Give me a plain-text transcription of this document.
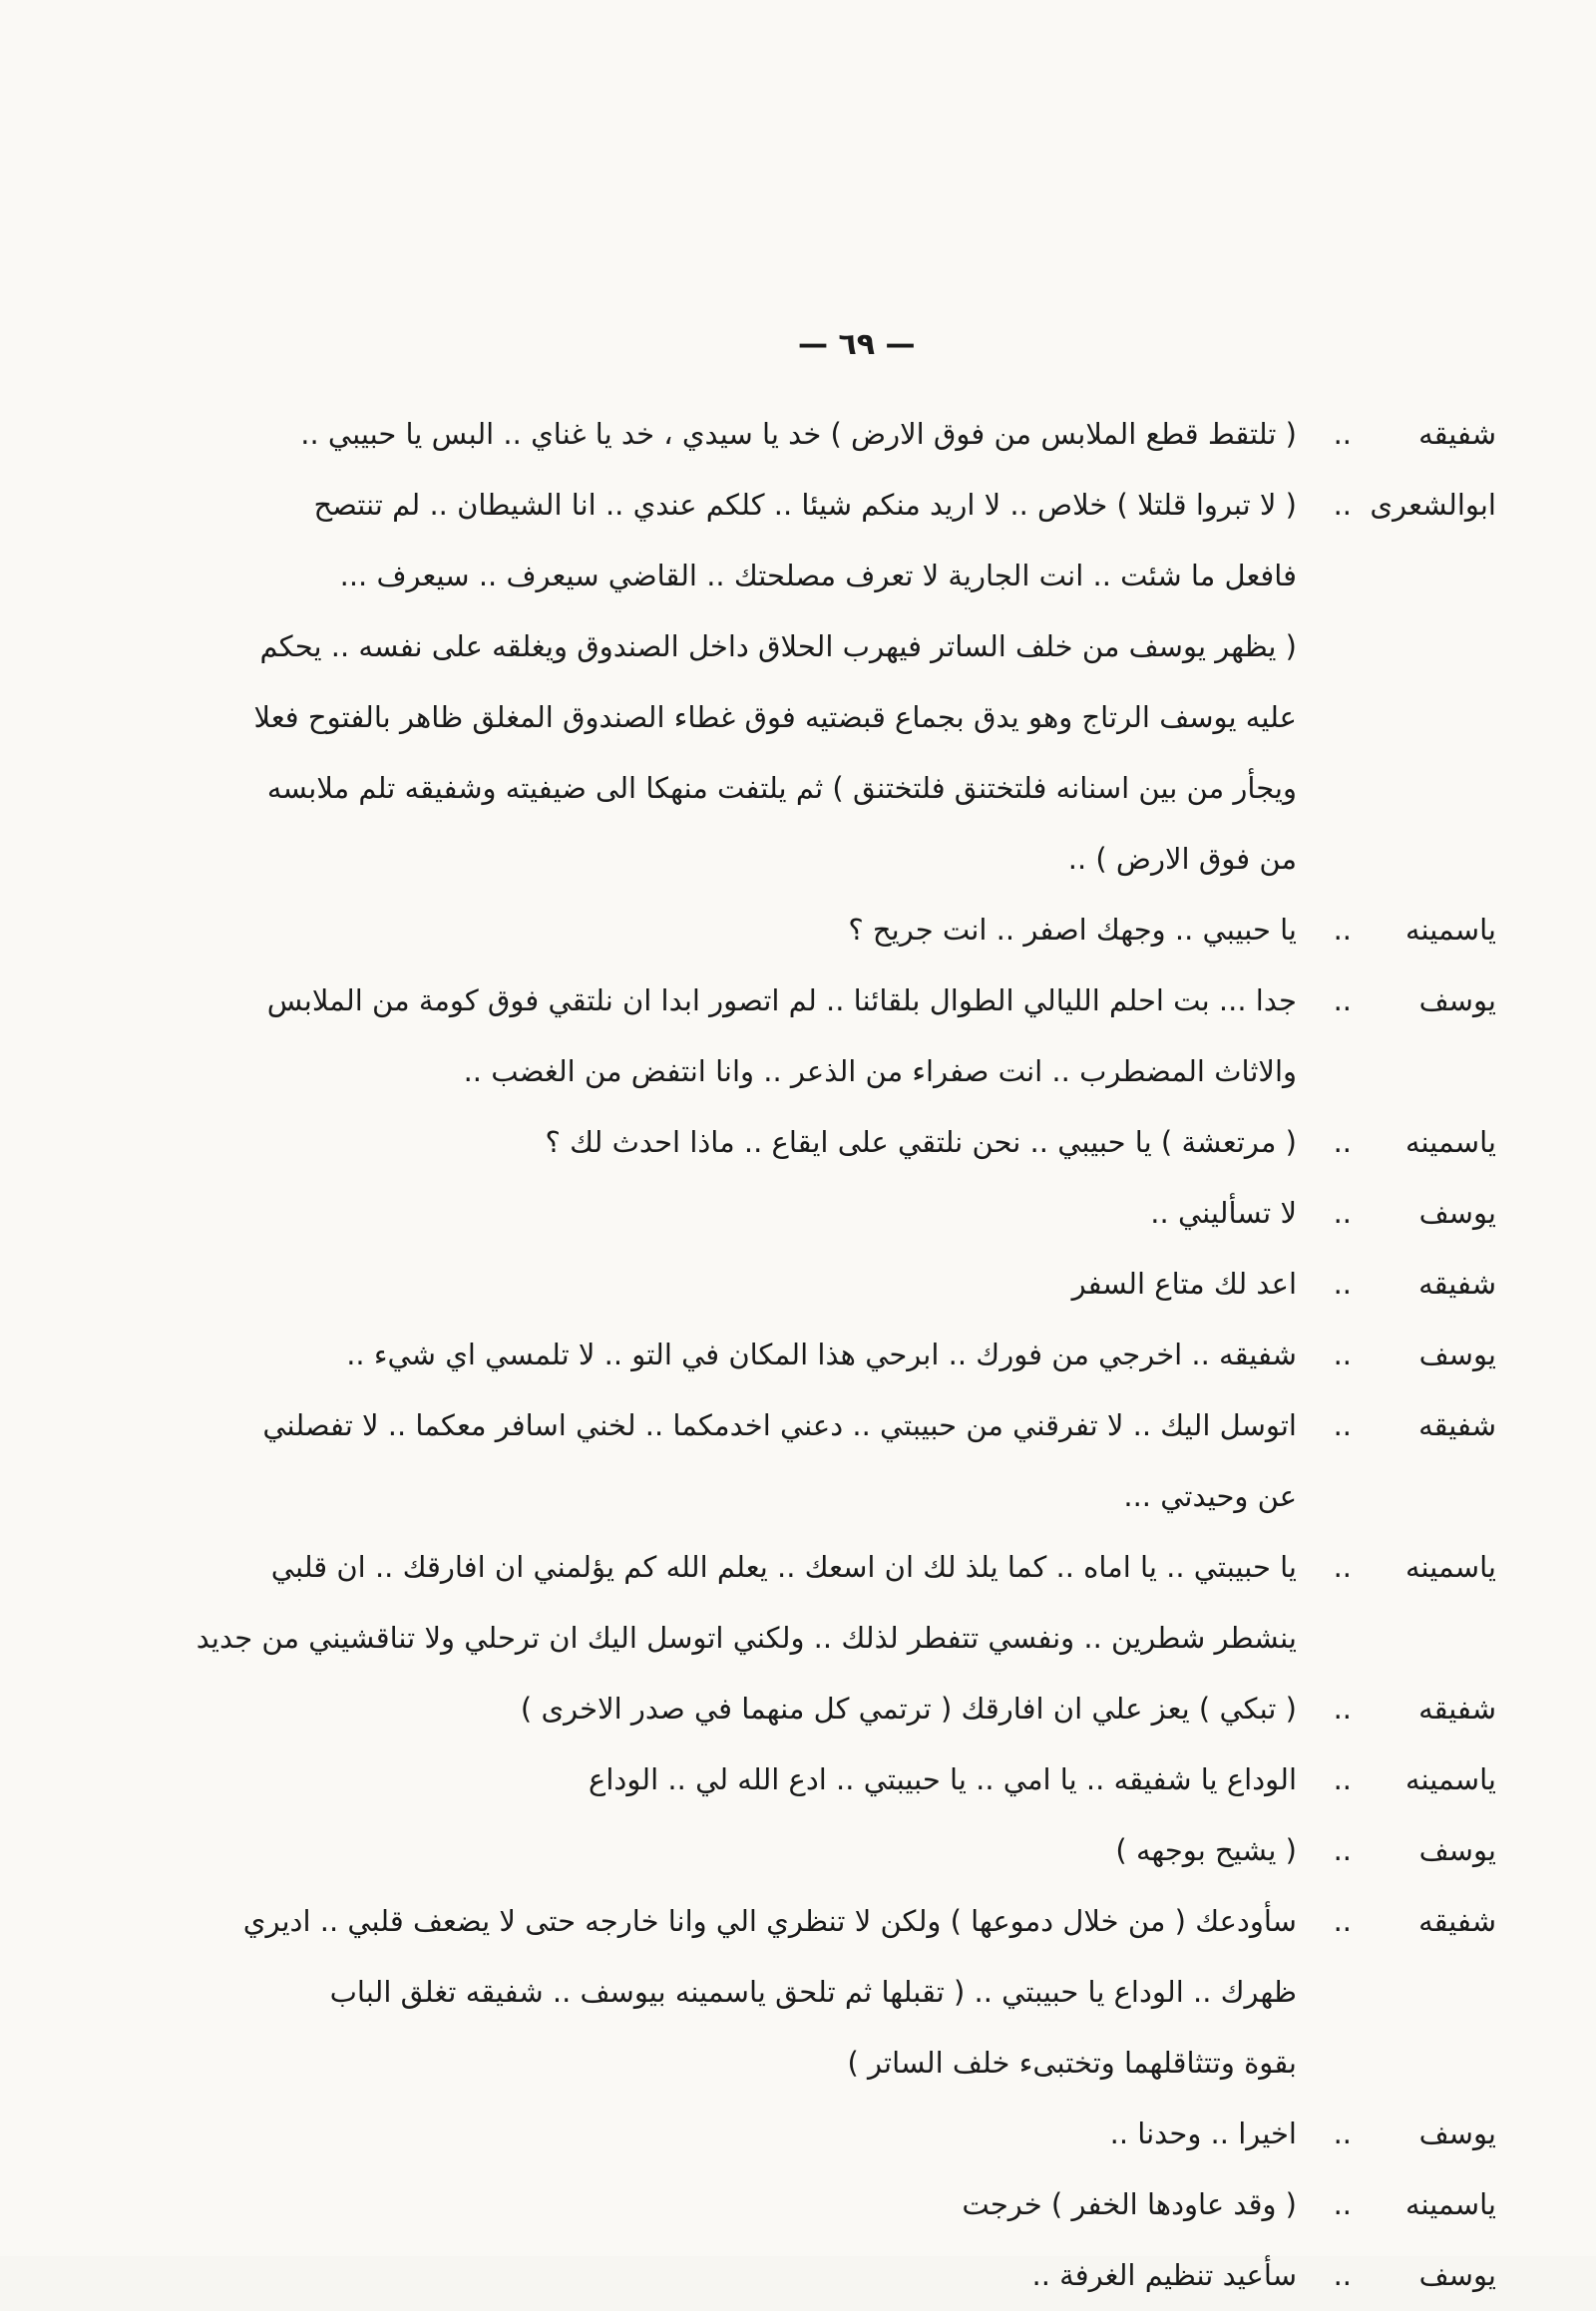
— ٦٩ —
شفيقه
..
( تلتقط قطع الملابس من فوق الارض ) خد يا سيدي ، خد يا غناي .. البس يا حبيبي ..
ابوالشعرى
..
( لا تبروا قلتلا ) خلاص .. لا اريد منكم شيئا .. كلكم عندي .. انا الشيطان .. لم تنتصح
فافعل ما شئت .. انت الجارية لا تعرف مصلحتك .. القاضي سيعرف .. سيعرف ...
( يظهر يوسف من خلف الساتر فيهرب الحلاق داخل الصندوق ويغلقه على نفسه .. يحكم
عليه يوسف الرتاج وهو يدق بجماع قبضتيه فوق غطاء الصندوق المغلق ظاهر بالفتوح فعلا
ويجأر من بين اسنانه فلتختنق فلتختنق ) ثم يلتفت منهكا الى ضيفيته وشفيقه تلم ملابسه
من فوق الارض ) ..
ياسمينه
..
يا حبيبي .. وجهك اصفر .. انت جريح ؟
يوسف
..
جدا ... بت احلم الليالي الطوال بلقائنا .. لم اتصور ابدا ان نلتقي فوق كومة من الملابس
والاثاث المضطرب .. انت صفراء من الذعر .. وانا انتفض من الغضب ..
ياسمينه
..
( مرتعشة ) يا حبيبي .. نحن نلتقي على ايقاع .. ماذا احدث لك ؟
يوسف
..
لا تسأليني ..
شفيقه
..
اعد لك متاع السفر
يوسف
..
شفيقه .. اخرجي من فورك .. ابرحي هذا المكان في التو .. لا تلمسي اي شيء ..
شفيقه
..
اتوسل اليك .. لا تفرقني من حبيبتي .. دعني اخدمكما .. لخني اسافر معكما .. لا تفصلني
عن وحيدتي ...
ياسمينه
..
يا حبيبتي .. يا اماه .. كما يلذ لك ان اسعك .. يعلم الله كم يؤلمني ان افارقك .. ان قلبي
ينشطر شطرين .. ونفسي تتفطر لذلك .. ولكني اتوسل اليك ان ترحلي ولا تناقشيني من جديد
شفيقه
..
( تبكي ) يعز علي ان افارقك ( ترتمي كل منهما في صدر الاخرى )
ياسمينه
..
الوداع يا شفيقه .. يا امي .. يا حبيبتي .. ادع الله لي .. الوداع
يوسف
..
( يشيح بوجهه )
شفيقه
..
سأودعك ( من خلال دموعها ) ولكن لا تنظري الي وانا خارجه حتى لا يضعف قلبي .. اديري
ظهرك .. الوداع يا حبيبتي .. ( تقبلها ثم تلحق ياسمينه بيوسف .. شفيقه تغلق الباب
بقوة وتتثاقلهما وتختبىء خلف الساتر )
يوسف
..
اخيرا .. وحدنا ..
ياسمينه
..
( وقد عاودها الخفر ) خرجت
يوسف
..
سأعيد تنظيم الغرفة ..
